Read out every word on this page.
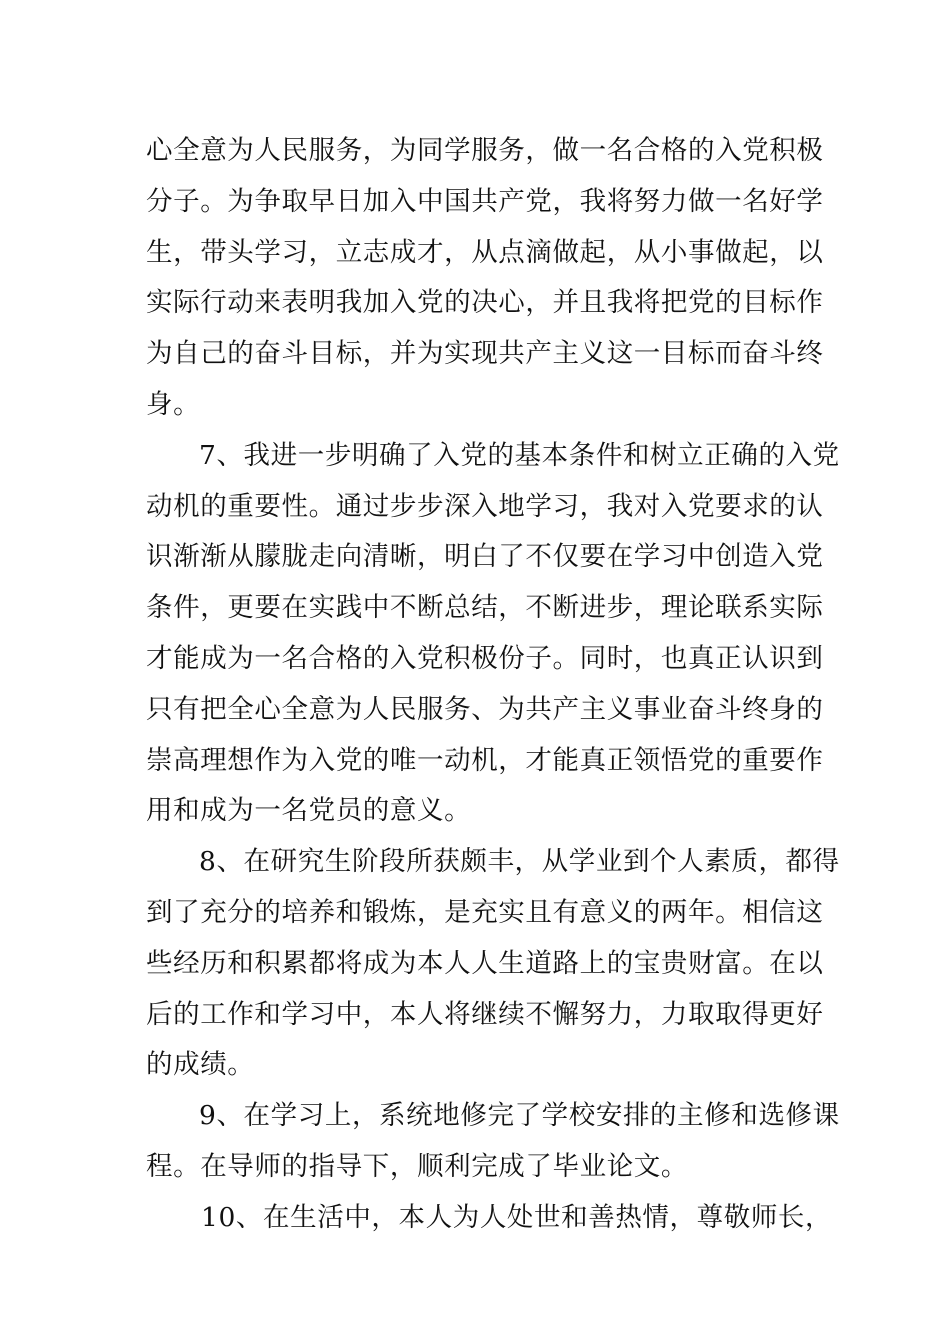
心全意为人民服务，为同学服务，做一名合格的入党积极
分子。为争取早日加入中国共产党，我将努力做一名好学
生，带头学习，立志成才，从点滴做起，从小事做起，以
实际行动来表明我加入党的决心，并且我将把党的目标作
为自己的奋斗目标，并为实现共产主义这一目标而奋斗终
身。
7、我进一步明确了入党的基本条件和树立正确的入党
动机的重要性。通过步步深入地学习，我对入党要求的认
识渐渐从朦胧走向清晰，明白了不仅要在学习中创造入党
条件，更要在实践中不断总结，不断进步，理论联系实际
才能成为一名合格的入党积极份子。同时，也真正认识到
只有把全心全意为人民服务、为共产主义事业奋斗终身的
崇高理想作为入党的唯一动机，才能真正领悟党的重要作
用和成为一名党员的意义。
8、在研究生阶段所获颇丰，从学业到个人素质，都得
到了充分的培养和锻炼，是充实且有意义的两年。相信这
些经历和积累都将成为本人人生道路上的宝贵财富。在以
后的工作和学习中，本人将继续不懈努力，力取取得更好
的成绩。
9、在学习上，系统地修完了学校安排的主修和选修课
程。在导师的指导下，顺利完成了毕业论文。
10、在生活中，本人为人处世和善热情，尊敬师长，
